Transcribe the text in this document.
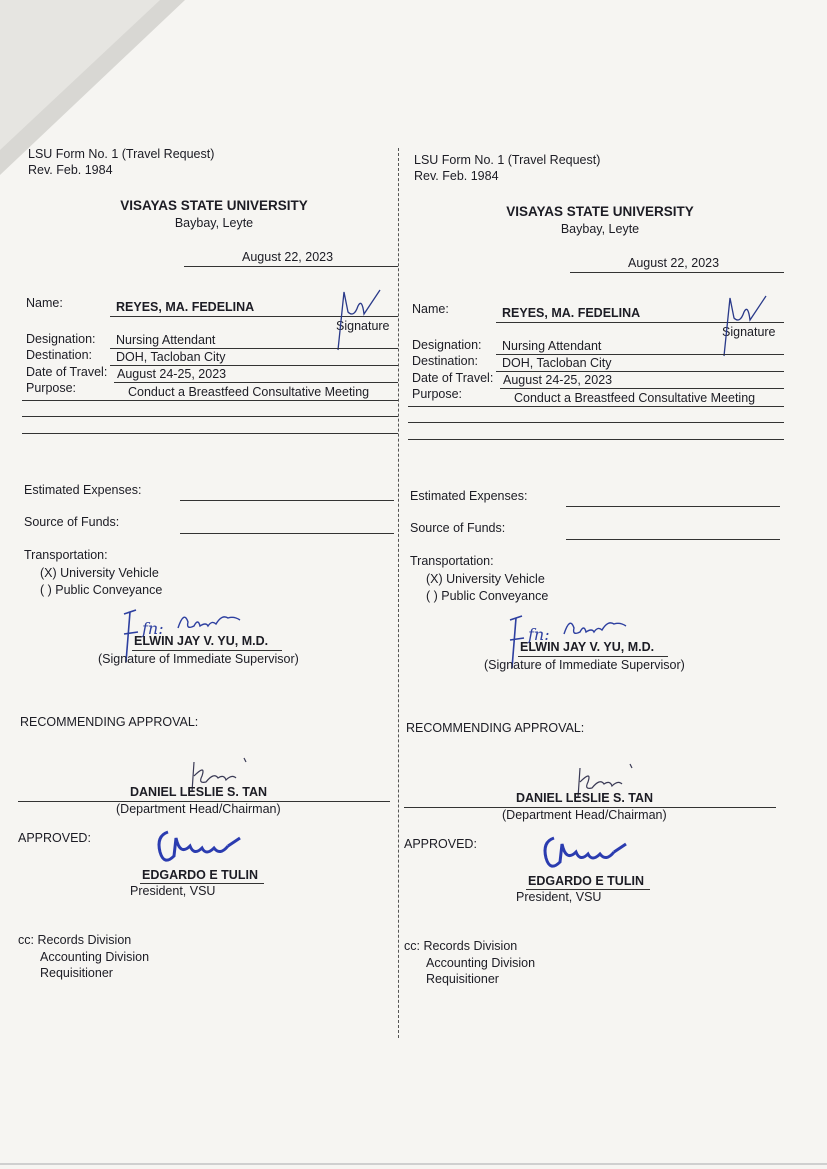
LSU Form No. 1 (Travel Request)
Rev. Feb. 1984
VISAYAS STATE UNIVERSITY
Baybay, Leyte
August 22, 2023
Name:	REYES, MA. FEDELINA
Signature
Designation: Nursing Attendant
Destination: DOH, Tacloban City
Date of Travel: August 24-25, 2023
Purpose:	Conduct a Breastfeed Consultative Meeting
Estimated Expenses:
Source of Funds:
Transportation:
(X) University Vehicle
( ) Public Conveyance
fn:
ELWIN JAY V. YU, M.D.
(Signature of Immediate Supervisor)
RECOMMENDING APPROVAL:
DANIEL LESLIE S. TAN
(Department Head/Chairman)
APPROVED:
EDGARDO E TULIN
President, VSU
cc: Records Division
Accounting Division
Requisitioner
LSU Form No. 1 (Travel Request)
Rev. Feb. 1984
VISAYAS STATE UNIVERSITY
Baybay, Leyte
August 22, 2023
Name:	REYES, MA. FEDELINA
Signature
Designation: Nursing Attendant
Destination: DOH, Tacloban City
Date of Travel: August 24-25, 2023
Purpose:	Conduct a Breastfeed Consultative Meeting
Estimated Expenses:
Source of Funds:
Transportation:
(X) University Vehicle
( ) Public Conveyance
fn:
ELWIN JAY V. YU, M.D.
(Signature of Immediate Supervisor)
RECOMMENDING APPROVAL:
DANIEL LESLIE S. TAN
(Department Head/Chairman)
APPROVED:
EDGARDO E TULIN
President, VSU
cc: Records Division
Accounting Division
Requisitioner
